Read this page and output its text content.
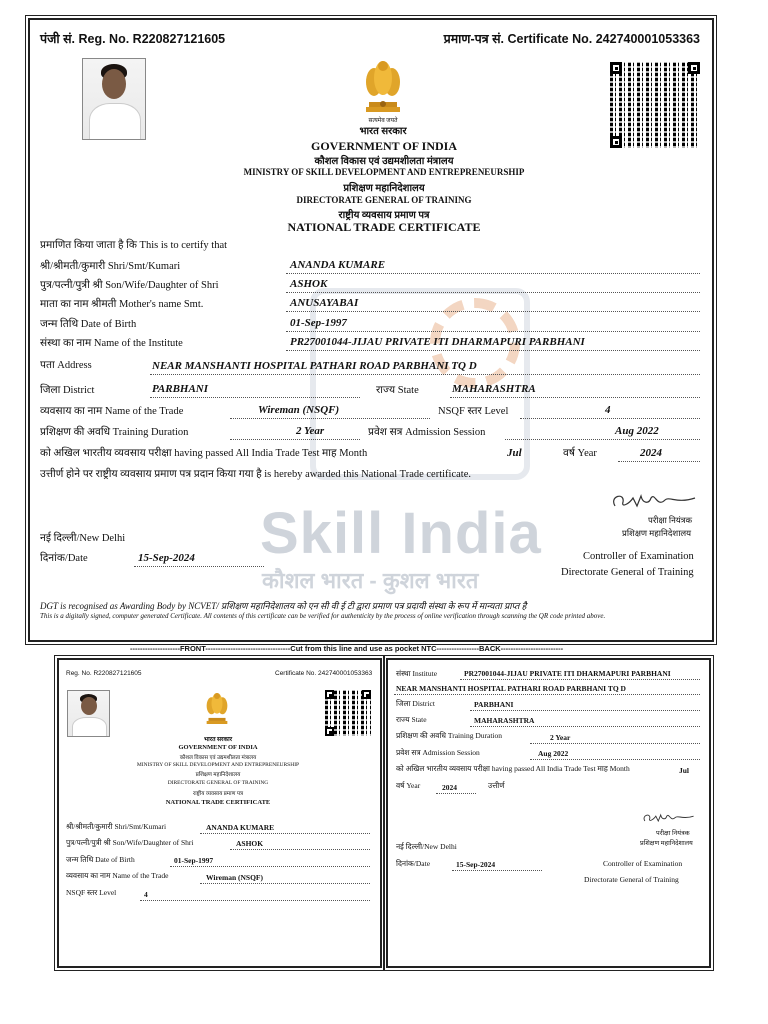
Skill India
कौशल भारत - कुशल भारत
पंजी सं. Reg. No. R220827121605	प्रमाण-पत्र सं. Certificate No. 242740001053363
सत्यमेव जयते
भारत सरकार
GOVERNMENT OF INDIA
कौशल विकास एवं उद्यमशीलता मंत्रालय
MINISTRY OF SKILL DEVELOPMENT AND ENTREPRENEURSHIP
प्रशिक्षण महानिदेशालय
DIRECTORATE GENERAL OF TRAINING
राष्ट्रीय व्यवसाय प्रमाण पत्र
NATIONAL TRADE CERTIFICATE
प्रमाणित किया जाता है कि This is to certify that
श्री/श्रीमती/कुमारी Shri/Smt/Kumari	ANANDA KUMARE
पुत्र/पत्नी/पुत्री श्री Son/Wife/Daughter of Shri	ASHOK
माता का नाम श्रीमती Mother's name Smt.	ANUSAYABAI
जन्म तिथि Date of Birth	01-Sep-1997
संस्था का नाम Name of the Institute	PR27001044-JIJAU PRIVATE ITI DHARMAPURI PARBHANI
पता Address	NEAR MANSHANTI HOSPITAL PATHARI ROAD PARBHANI TQ D
जिला District	PARBHANI	राज्य State	MAHARASHTRA
व्यवसाय का नाम Name of the Trade	Wireman (NSQF)	NSQF स्तर Level	4
प्रशिक्षण की अवधि Training Duration	2 Year	प्रवेश सत्र Admission Session	Aug 2022
को अखिल भारतीय व्यवसाय परीक्षा having passed All India Trade Test माह Month	Jul	वर्ष Year	2024
उत्तीर्ण होने पर राष्ट्रीय व्यवसाय प्रमाण पत्र प्रदान किया गया है is hereby awarded this National Trade certificate.
परीक्षा नियंत्रक
प्रशिक्षण महानिदेशालय
नई दिल्ली/New Delhi
दिनांक/Date	15-Sep-2024	Controller of Examination
Directorate General of Training
DGT is recognised as Awarding Body by NCVET/ प्रशिक्षण महानिदेशालय को एन सी वी ई टी द्वारा प्रमाण पत्र प्रदायी संस्था के रूप में मान्यता प्राप्त है
This is a digitally signed, computer generated Certificate. All contents of this certificate can be verified for authenticity by the process of online verification through scanning the QR code printed above.
--------------------FRONT----------------------------------Cut from this line and use as pocket NTC-----------------BACK-------------------------
Reg. No. R220827121605	Certificate No. 242740001053363
भारत सरकार
GOVERNMENT OF INDIA
कौशल विकास एवं उद्यमशीलता मंत्रालय
MINISTRY OF SKILL DEVELOPMENT AND ENTREPRENEURSHIP
प्रशिक्षण महानिदेशालय
DIRECTORATE GENERAL OF TRAINING
राष्ट्रीय व्यवसाय प्रमाण पत्र
NATIONAL TRADE CERTIFICATE
श्री/श्रीमती/कुमारी Shri/Smt/Kumari	ANANDA KUMARE
पुत्र/पत्नी/पुत्री श्री Son/Wife/Daughter of Shri	ASHOK
जन्म तिथि Date of Birth	01-Sep-1997
व्यवसाय का नाम Name of the Trade	Wireman (NSQF)
NSQF स्तर Level	4
संस्था Institute	PR27001044-JIJAU PRIVATE ITI DHARMAPURI PARBHANI
NEAR MANSHANTI HOSPITAL PATHARI ROAD PARBHANI TQ D
जिला District	PARBHANI
राज्य State	MAHARASHTRA
प्रशिक्षण की अवधि Training Duration	2 Year
प्रवेश सत्र Admission Session	Aug 2022
को अखिल भारतीय व्यवसाय परीक्षा having passed All India Trade Test माह Month	Jul
वर्ष Year	2024	उत्तीर्ण
परीक्षा नियंत्रक
प्रशिक्षण महानिदेशालय
नई दिल्ली/New Delhi
दिनांक/Date	15-Sep-2024	Controller of Examination
Directorate General of Training
